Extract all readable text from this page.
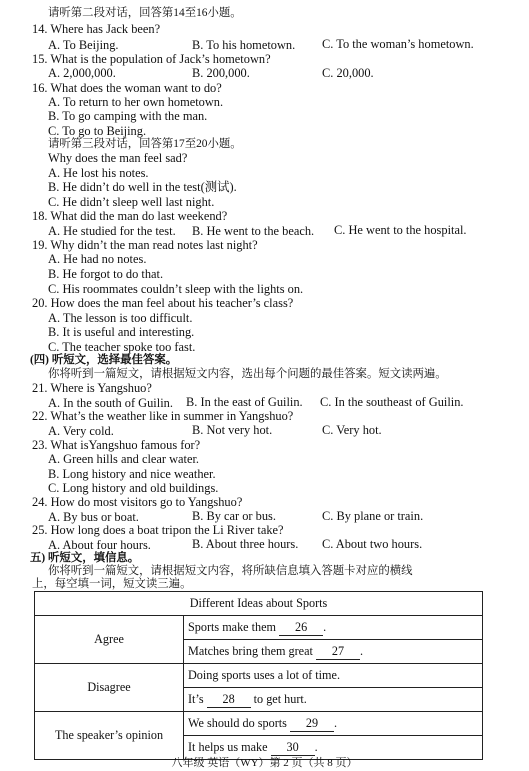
请听第二段对话，回答第14至16小题。
14. Where has Jack been?
A. To Beijing.	B. To his hometown. C. To the woman’s hometown.
15. What is the population of Jack’s hometown?
A. 2,000,000.	B. 200,000.	C. 20,000.
16. What does the woman want to do?
A. To return to her own hometown.
B. To go camping with the man.
C. To go to Beijing.
请听第三段对话，回答第17至20小题。
Why does the man feel sad?
A. He lost his notes.
B. He didn’t do well in the test(测试).
C. He didn’t sleep well last night.
18. What did the man do last weekend?
A. He studied for the test. B. He went to the beach. C. He went to the hospital.
19. Why didn’t the man read notes last night?
A. He had no notes.
B. He forgot to do that.
C. His roommates couldn’t sleep with the lights on.
20. How does the man feel about his teacher’s class?
A. The lesson is too difficult.
B. It is useful and interesting.
C. The teacher spoke too fast.
(四) 听短文，选择最佳答案。
你将听到一篇短文，请根据短文内容，选出每个问题的最佳答案。短文读两遍。
21. Where is Yangshuo?
A. In the south of Guilin. B. In the east of Guilin. C. In the southeast of Guilin.
22. What’s the weather like in summer in Yangshuo?
A. Very cold.	B. Not very hot.	C. Very hot.
23. What isYangshuo famous for?
A. Green hills and clear water.
B. Long history and nice weather.
C. Long history and old buildings.
24. How do most visitors go to Yangshuo?
A. By bus or boat.	B. By car or bus.	C. By plane or train.
25. How long does a boat tripon the Li River take?
A. About four hours.	B. About three hours. C. About two hours.
五) 听短文，填信息。
你将听到一篇短文，请根据短文内容，将所缺信息填入答题卡对应的横线
上，每空填一词，短文读三遍。
Different Ideas about Sports	
Agree	Sports make them 26 .
	Matches bring them great 27 .
Disagree	Doing sports uses a lot of time.
	It’s 28 to get hurt.
The speaker’s opinion	We should do sports 29 .
	It helps us make 30 .
八年级 英语（WY）第 2 页（共 8 页）
